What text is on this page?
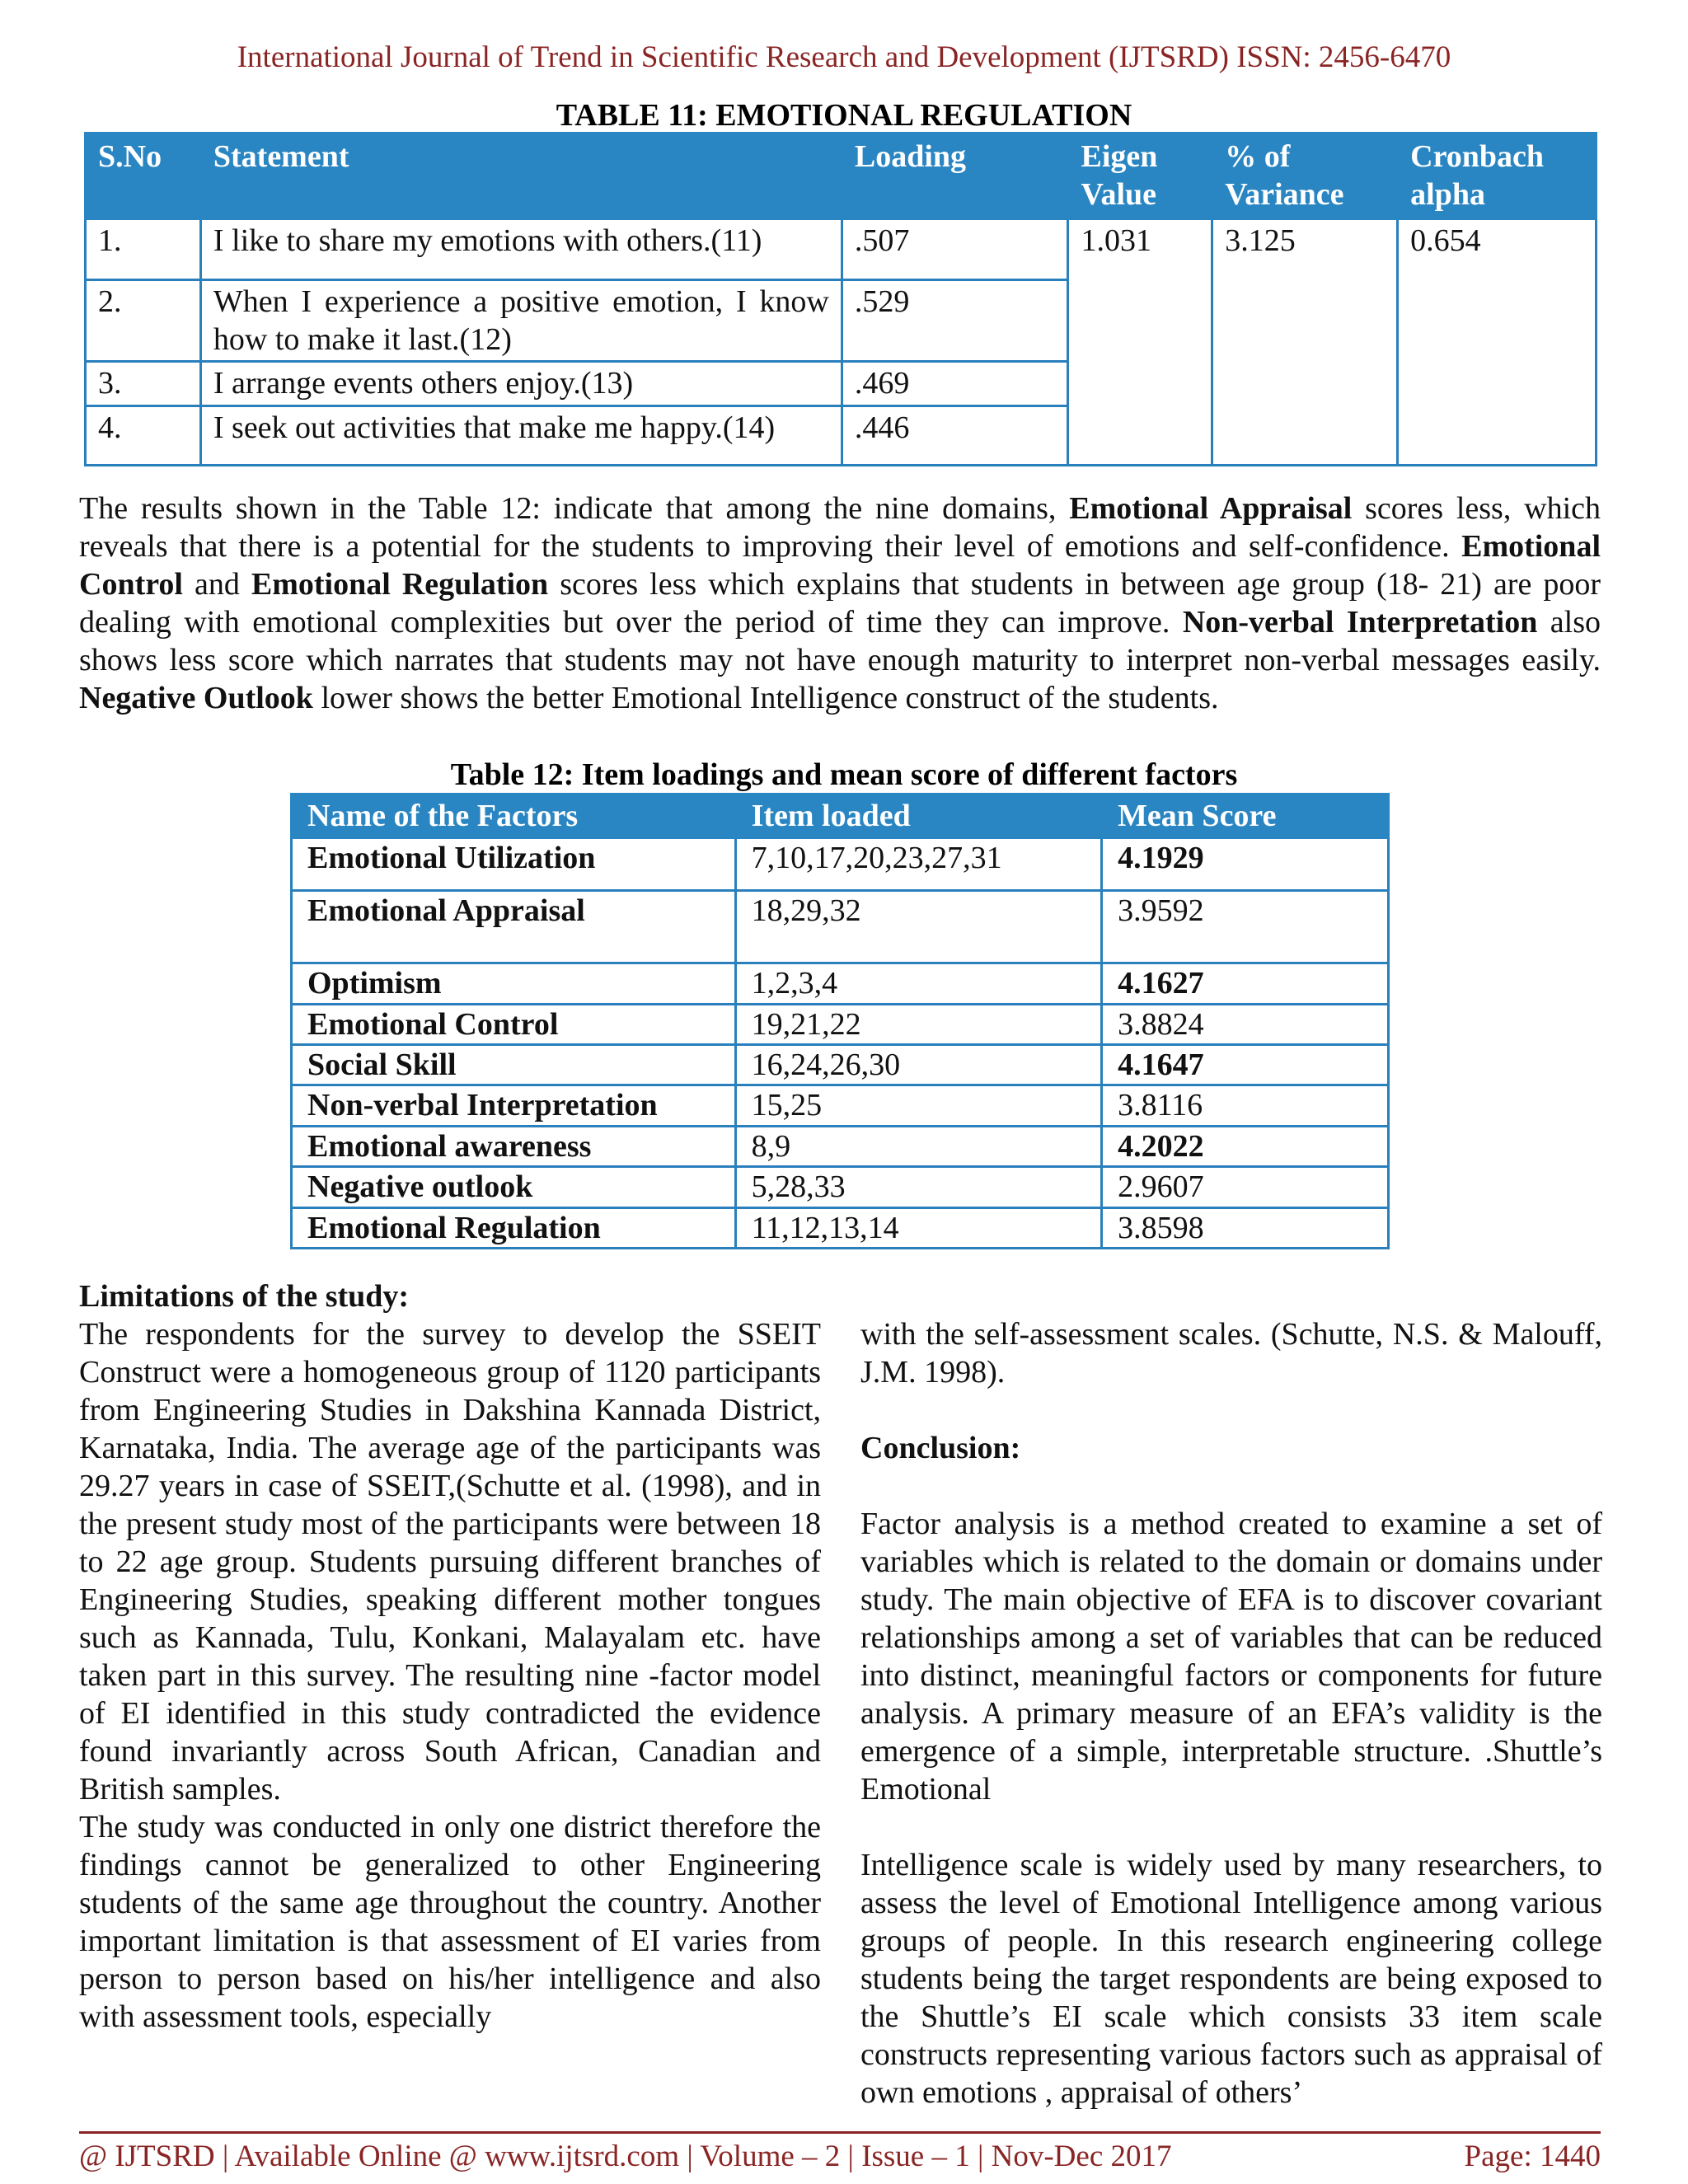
International Journal of Trend in Scientific Research and Development (IJTSRD) ISSN: 2456-6470
TABLE 11: EMOTIONAL REGULATION
S.No	Statement	Loading	Eigen Value	% of Variance	Cronbach alpha
1.	I like to share my emotions with others.(11)	.507	1.031	3.125	0.654
2.	When I experience a positive emotion, I know how to make it last.(12)	.529			
3.	I arrange events others enjoy.(13)	.469			
4.	I seek out activities that make me happy.(14)	.446			
The results shown in the Table 12: indicate that among the nine domains, Emotional Appraisal scores less, which reveals that there is a potential for the students to improving their level of emotions and self-confidence. Emotional Control and Emotional Regulation scores less which explains that students in between age group (18- 21) are poor dealing with emotional complexities but over the period of time they can improve. Non-verbal Interpretation also shows less score which narrates that students may not have enough maturity to interpret non-verbal messages easily. Negative Outlook lower shows the better Emotional Intelligence construct of the students.
Table 12: Item loadings and mean score of different factors
Name of the Factors	Item loaded	Mean Score
Emotional Utilization	7,10,17,20,23,27,31	4.1929
Emotional Appraisal	18,29,32	3.9592
Optimism	1,2,3,4	4.1627
Emotional Control	19,21,22	3.8824
Social Skill	16,24,26,30	4.1647
Non-verbal Interpretation	15,25	3.8116
Emotional awareness	8,9	4.2022
Negative outlook	5,28,33	2.9607
Emotional Regulation	11,12,13,14	3.8598
Limitations of the study:

The respondents for the survey to develop the SSEIT Construct were a homogeneous group of 1120 participants from Engineering Studies in Dakshina Kannada District, Karnataka, India. The average age of the participants was 29.27 years in case of SSEIT,(Schutte et al. (1998), and in the present study most of the participants were between 18 to 22 age group. Students pursuing different branches of Engineering Studies, speaking different mother tongues such as Kannada, Tulu, Konkani, Malayalam etc. have taken part in this survey. The resulting nine -factor model of EI identified in this study contradicted the evidence found invariantly across South African, Canadian and British samples.

The study was conducted in only one district therefore the findings cannot be generalized to other Engineering students of the same age throughout the country. Another important limitation is that assessment of EI varies from person to person based on his/her intelligence and also with assessment tools, especially

with the self-assessment scales. (Schutte, N.S. & Malouff, J.M. 1998).

Conclusion:

Factor analysis is a method created to examine a set of variables which is related to the domain or domains under study. The main objective of EFA is to discover covariant relationships among a set of variables that can be reduced into distinct, meaningful factors or components for future analysis. A primary measure of an EFA’s validity is the emergence of a simple, interpretable structure. .Shuttle’s Emotional

Intelligence scale is widely used by many researchers, to assess the level of Emotional Intelligence among various groups of people. In this research engineering college students being the target respondents are being exposed to the Shuttle’s EI scale which consists 33 item scale constructs representing various factors such as appraisal of own emotions , appraisal of others’

@ IJTSRD | Available Online @ www.ijtsrd.com | Volume – 2 | Issue – 1 | Nov-Dec 2017	Page: 1440
